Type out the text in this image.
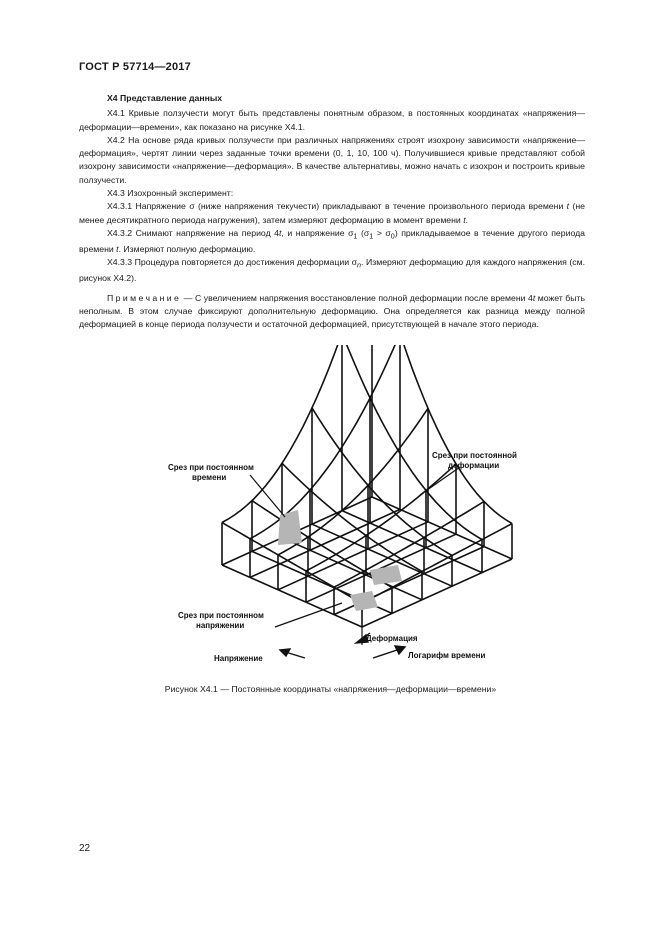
ГОСТ Р 57714—2017

Х4 Представление данных

Х4.1 Кривые ползучести могут быть представлены понятным образом, в постоянных координатах «напряжения—деформации—времени», как показано на рисунке Х4.1.

Х4.2 На основе ряда кривых ползучести при различных напряжениях строят изохрону зависимости «напряжение—деформация», чертят линии через заданные точки времени (0, 1, 10, 100 ч). Получившиеся кривые представляют собой изохрону зависимости «напряжение—деформация». В качестве альтернативы, можно начать с изохрон и построить кривые ползучести.

Х4.3 Изохронный эксперимент:

Х4.3.1 Напряжение σ (ниже напряжения текучести) прикладывают в течение произвольного периода времени t (не менее десятикратного периода нагружения), затем измеряют деформацию в момент времени t.

Х4.3.2 Снимают напряжение на период 4t, и напряжение $\sigma_1$ $(\sigma_1 > \sigma_0)$ прикладываемое в течение другого периода времени t. Измеряют полную деформацию.

Х4.3.3 Процедура повторяется до достижения деформации $\sigma_n$. Измеряют деформацию для каждого напряжения (см. рисунок Х4.2).

Примечание — С увеличением напряжения восстановление полной деформации после времени 4t может быть неполным. В этом случае фиксируют дополнительную деформацию. Она определяется как разница между полной деформацией в конце периода ползучести и остаточной деформацией, присутствующей в начале этого периода.

Срез при постоянном
времени
Срез при постоянной
деформации
Срез при постоянном
напряжении
Деформация
Напряжение	Логарифм времени
Рисунок Х4.1 — Постоянные координаты «напряжения—деформации—времени»
22
